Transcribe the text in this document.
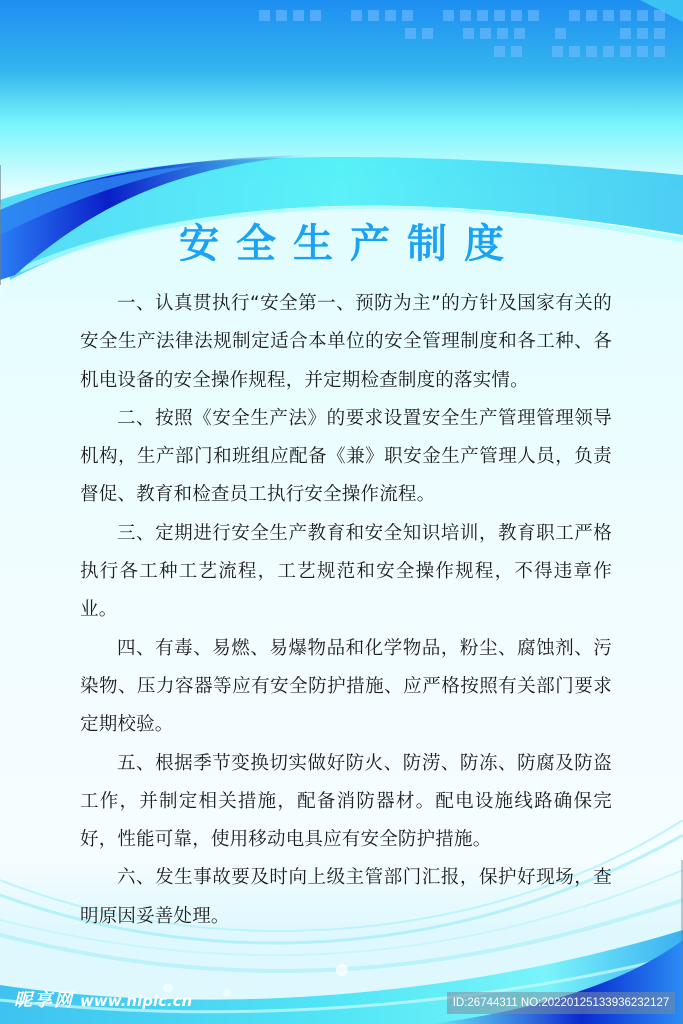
安全生产制度

一、认真贯执行“安全第一、预防为主”的方针及国家有关的安全生产法律法规制定适合本单位的安全管理制度和各工种、各机电设备的安全操作规程，并定期检查制度的落实情。

二、按照《安全生产法》的要求设置安全生产管理管理领导机构，生产部门和班组应配备《兼》职安金生产管理人员，负责督促、教育和检查员工执行安全操作流程。

三、定期进行安全生产教育和安全知识培训，教育职工严格执行各工种工艺流程，工艺规范和安全操作规程，不得违章作业。

四、有毒、易燃、易爆物品和化学物品，粉尘、腐蚀剂、污染物、压力容器等应有安全防护措施、应严格按照有关部门要求定期校验。

五、根据季节变换切实做好防火、防涝、防冻、防腐及防盗工作，并制定相关措施，配备消防器材。配电设施线路确保完好，性能可靠，使用移动电具应有安全防护措施。

六、发生事故要及时向上级主管部门汇报，保护好现场，查明原因妥善处理。

昵享网 www.nipic.cn	ID:26744311 NO:20220125133936232127
